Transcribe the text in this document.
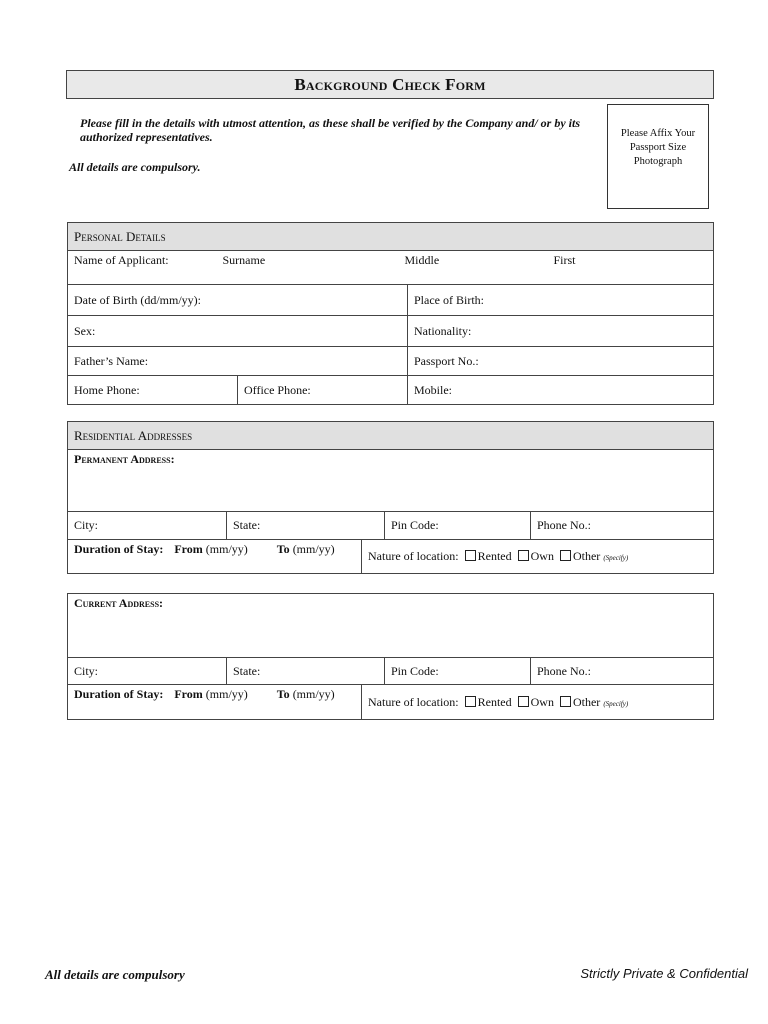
Background Check Form
Please fill in the details with utmost attention, as these shall be verified by the Company and/ or by its authorized representatives.
All details are compulsory.
Please Affix Your
Passport Size
Photograph
Personal Details		
Name of Applicant: Surname Middle First		

Date of Birth (dd/mm/yy):		Place of Birth:
Sex:		Nationality:
Father’s Name:		Passport No.:
Home Phone:	Office Phone:	Mobile:
Residential Addresses				
Permanent Address:				
City:	State:		Pin Code:	Phone No.:
Duration of Stay: From (mm/yy) To (mm/yy)		Nature of location: Rented Own Other (Specify)		
Current Address:				
City:	State:		Pin Code:	Phone No.:
Duration of Stay: From (mm/yy) To (mm/yy)		Nature of location: Rented Own Other (Specify)		
All details are compulsory	Strictly Private & Confidential
